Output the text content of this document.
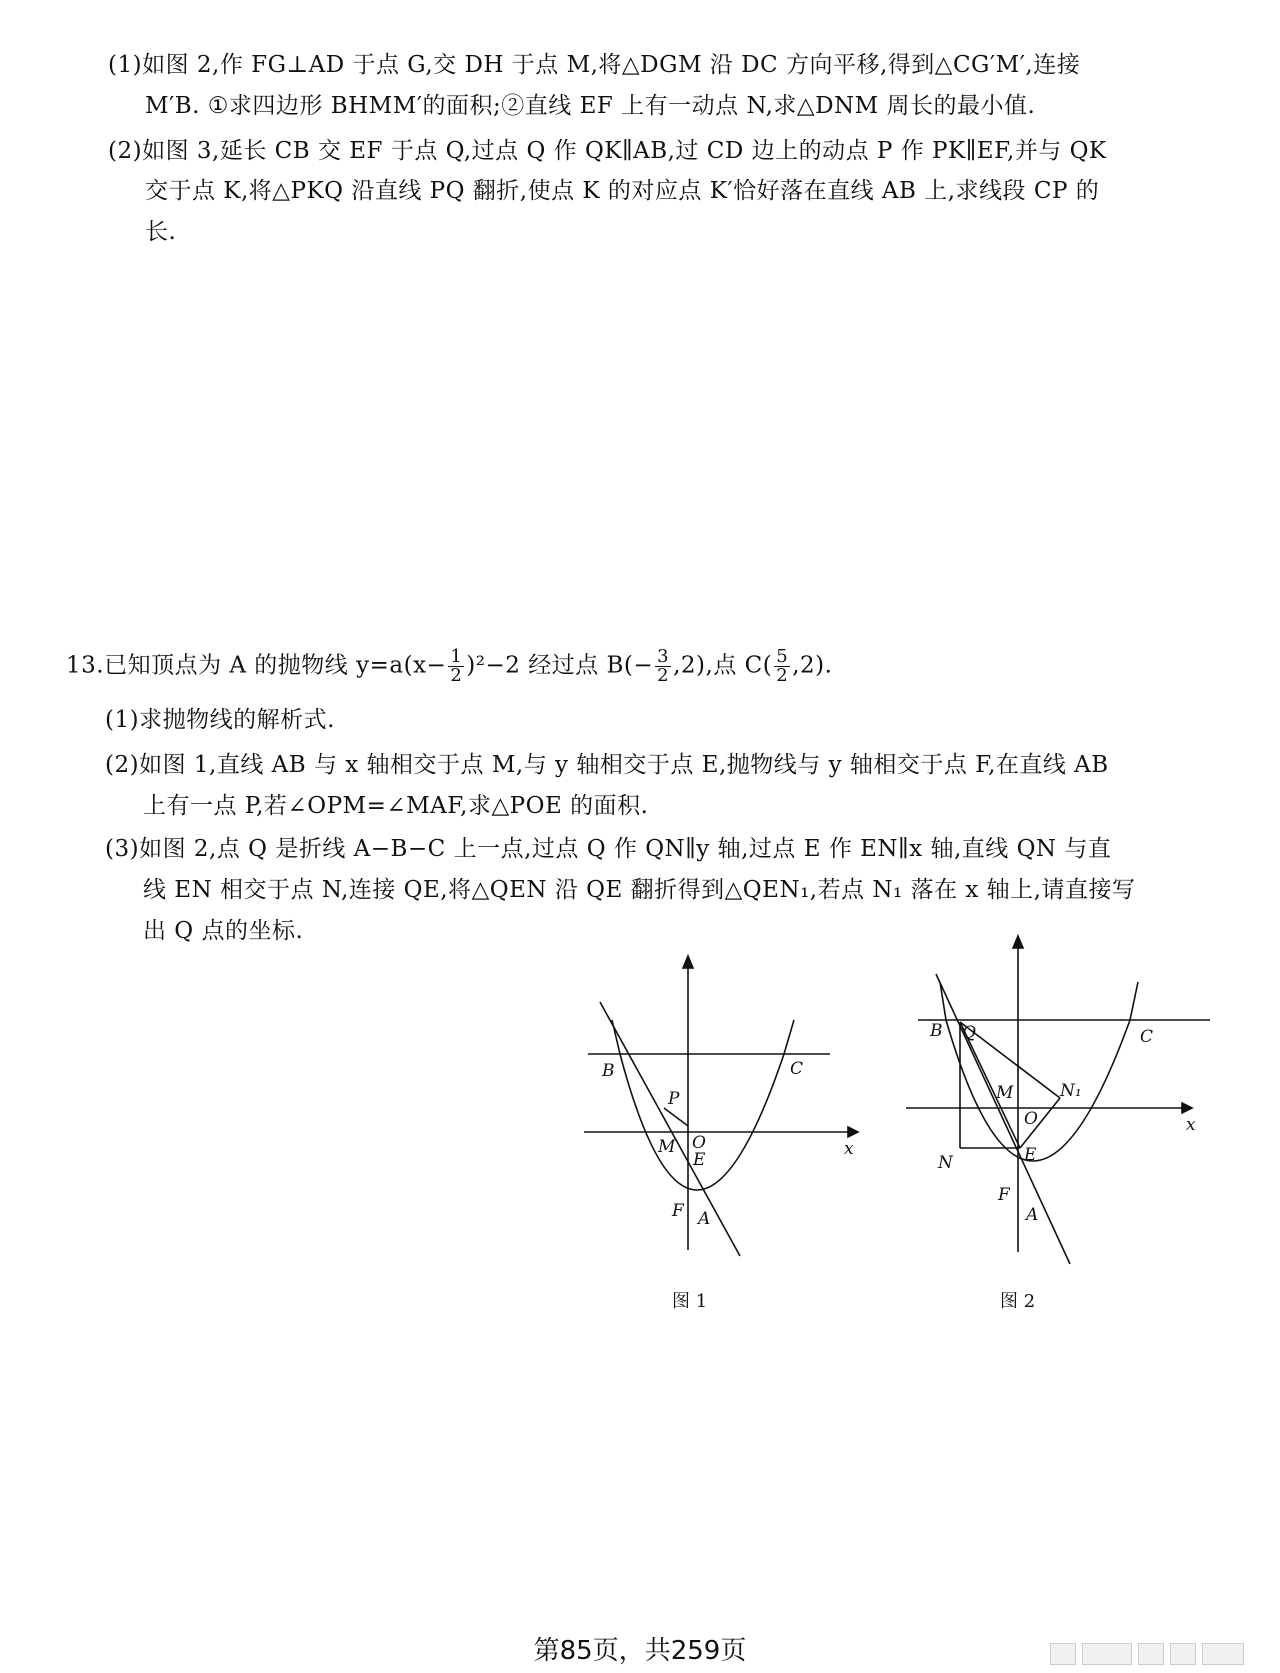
(1)如图 2,作 FG⊥AD 于点 G,交 DH 于点 M,将△DGM 沿 DC 方向平移,得到△CG′M′,连接
M′B. ①求四边形 BHMM′的面积;②直线 EF 上有一动点 N,求△DNM 周长的最小值.
(2)如图 3,延长 CB 交 EF 于点 Q,过点 Q 作 QK∥AB,过 CD 边上的动点 P 作 PK∥EF,并与 QK
交于点 K,将△PKQ 沿直线 PQ 翻折,使点 K 的对应点 K′恰好落在直线 AB 上,求线段 CP 的
长.
13.已知顶点为 A 的抛物线 $y=a(x- \frac{1}{2} )^2-2$ 经过点 $B(- \frac{3}{2} ,2)$,点 $C( \frac{5}{2} ,2)$.
(1)求抛物线的解析式.
(2)如图 1,直线 AB 与 x 轴相交于点 M,与 y 轴相交于点 E,抛物线与 y 轴相交于点 F,在直线 AB
上有一点 P,若∠OPM=∠MAF,求△POE 的面积.
(3)如图 2,点 Q 是折线 A−B−C 上一点,过点 Q 作 QN∥y 轴,过点 E 作 EN∥x 轴,直线 QN 与直
线 EN 相交于点 N,连接 QE,将△QEN 沿 QE 翻折得到△QEN₁,若点 N₁ 落在 x 轴上,请直接写
出 Q 点的坐标.
B	C
P
O
M
E
F A
x
图 1
B Q	C
M	N₁
O
N	E
F
A
x
图 2
第85页，共259页
